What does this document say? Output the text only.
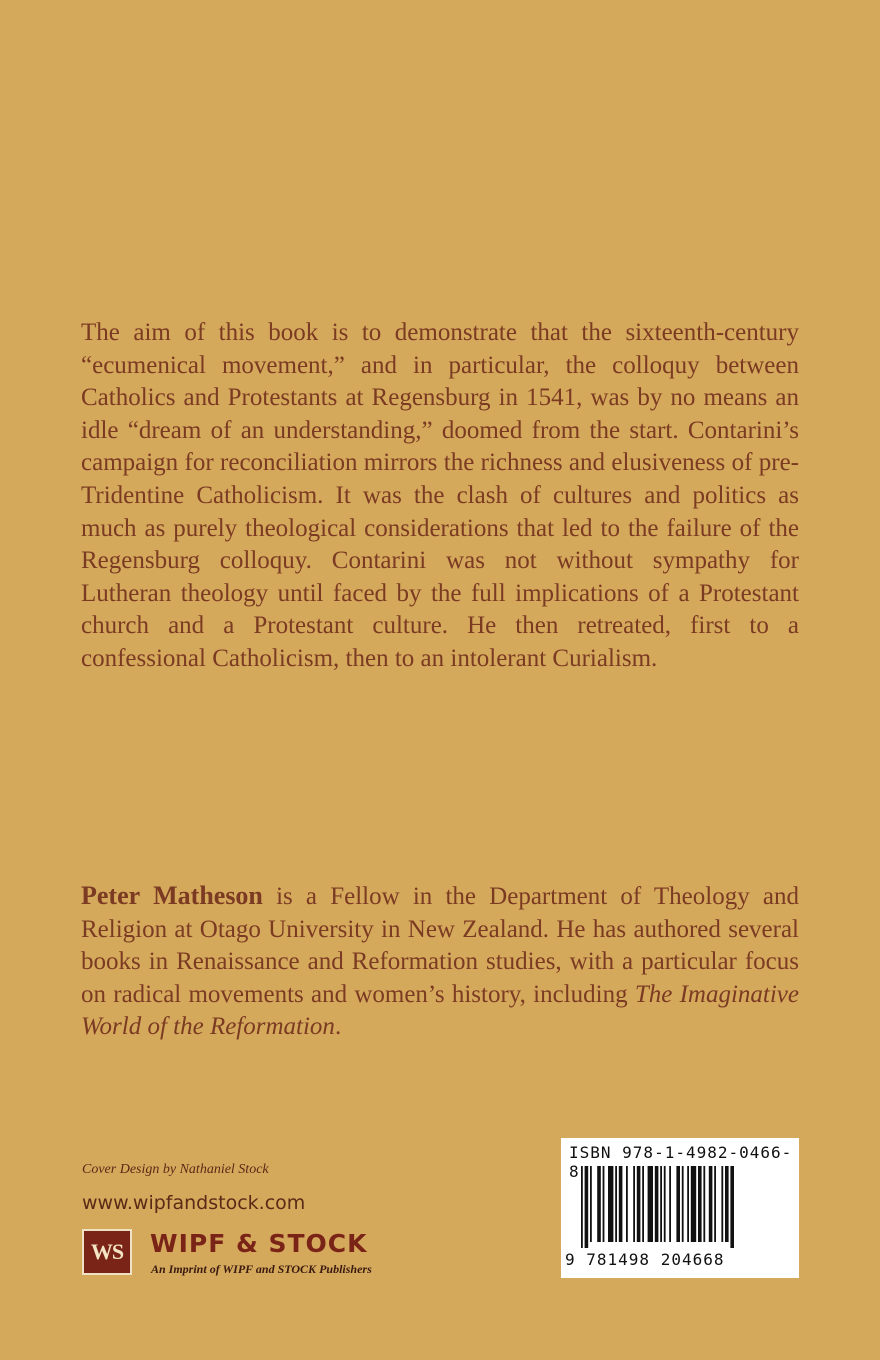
The aim of this book is to demonstrate that the sixteenth-century “ecumenical movement,” and in particular, the colloquy between Catholics and Protestants at Regensburg in 1541, was by no means an idle “dream of an understanding,” doomed from the start. Contarini’s campaign for reconciliation mirrors the richness and elusiveness of pre-Tridentine Catholicism. It was the clash of cultures and politics as much as purely theological considerations that led to the failure of the Regensburg colloquy. Contarini was not without sympathy for Lutheran theology until faced by the full implications of a Protestant church and a Protestant culture. He then retreated, first to a confessional Catholicism, then to an intolerant Curialism.
Peter Matheson is a Fellow in the Department of Theology and Religion at Otago University in New Zealand. He has authored several books in Renaissance and Reformation studies, with a particular focus on radical movements and women’s history, including The Imaginative World of the Reformation.
Cover Design by Nathaniel Stock
www.wipfandstock.com
WS WIPF & STOCK
An Imprint of WIPF and STOCK Publishers
ISBN 978-1-4982-0466-8
9 781498 204668
